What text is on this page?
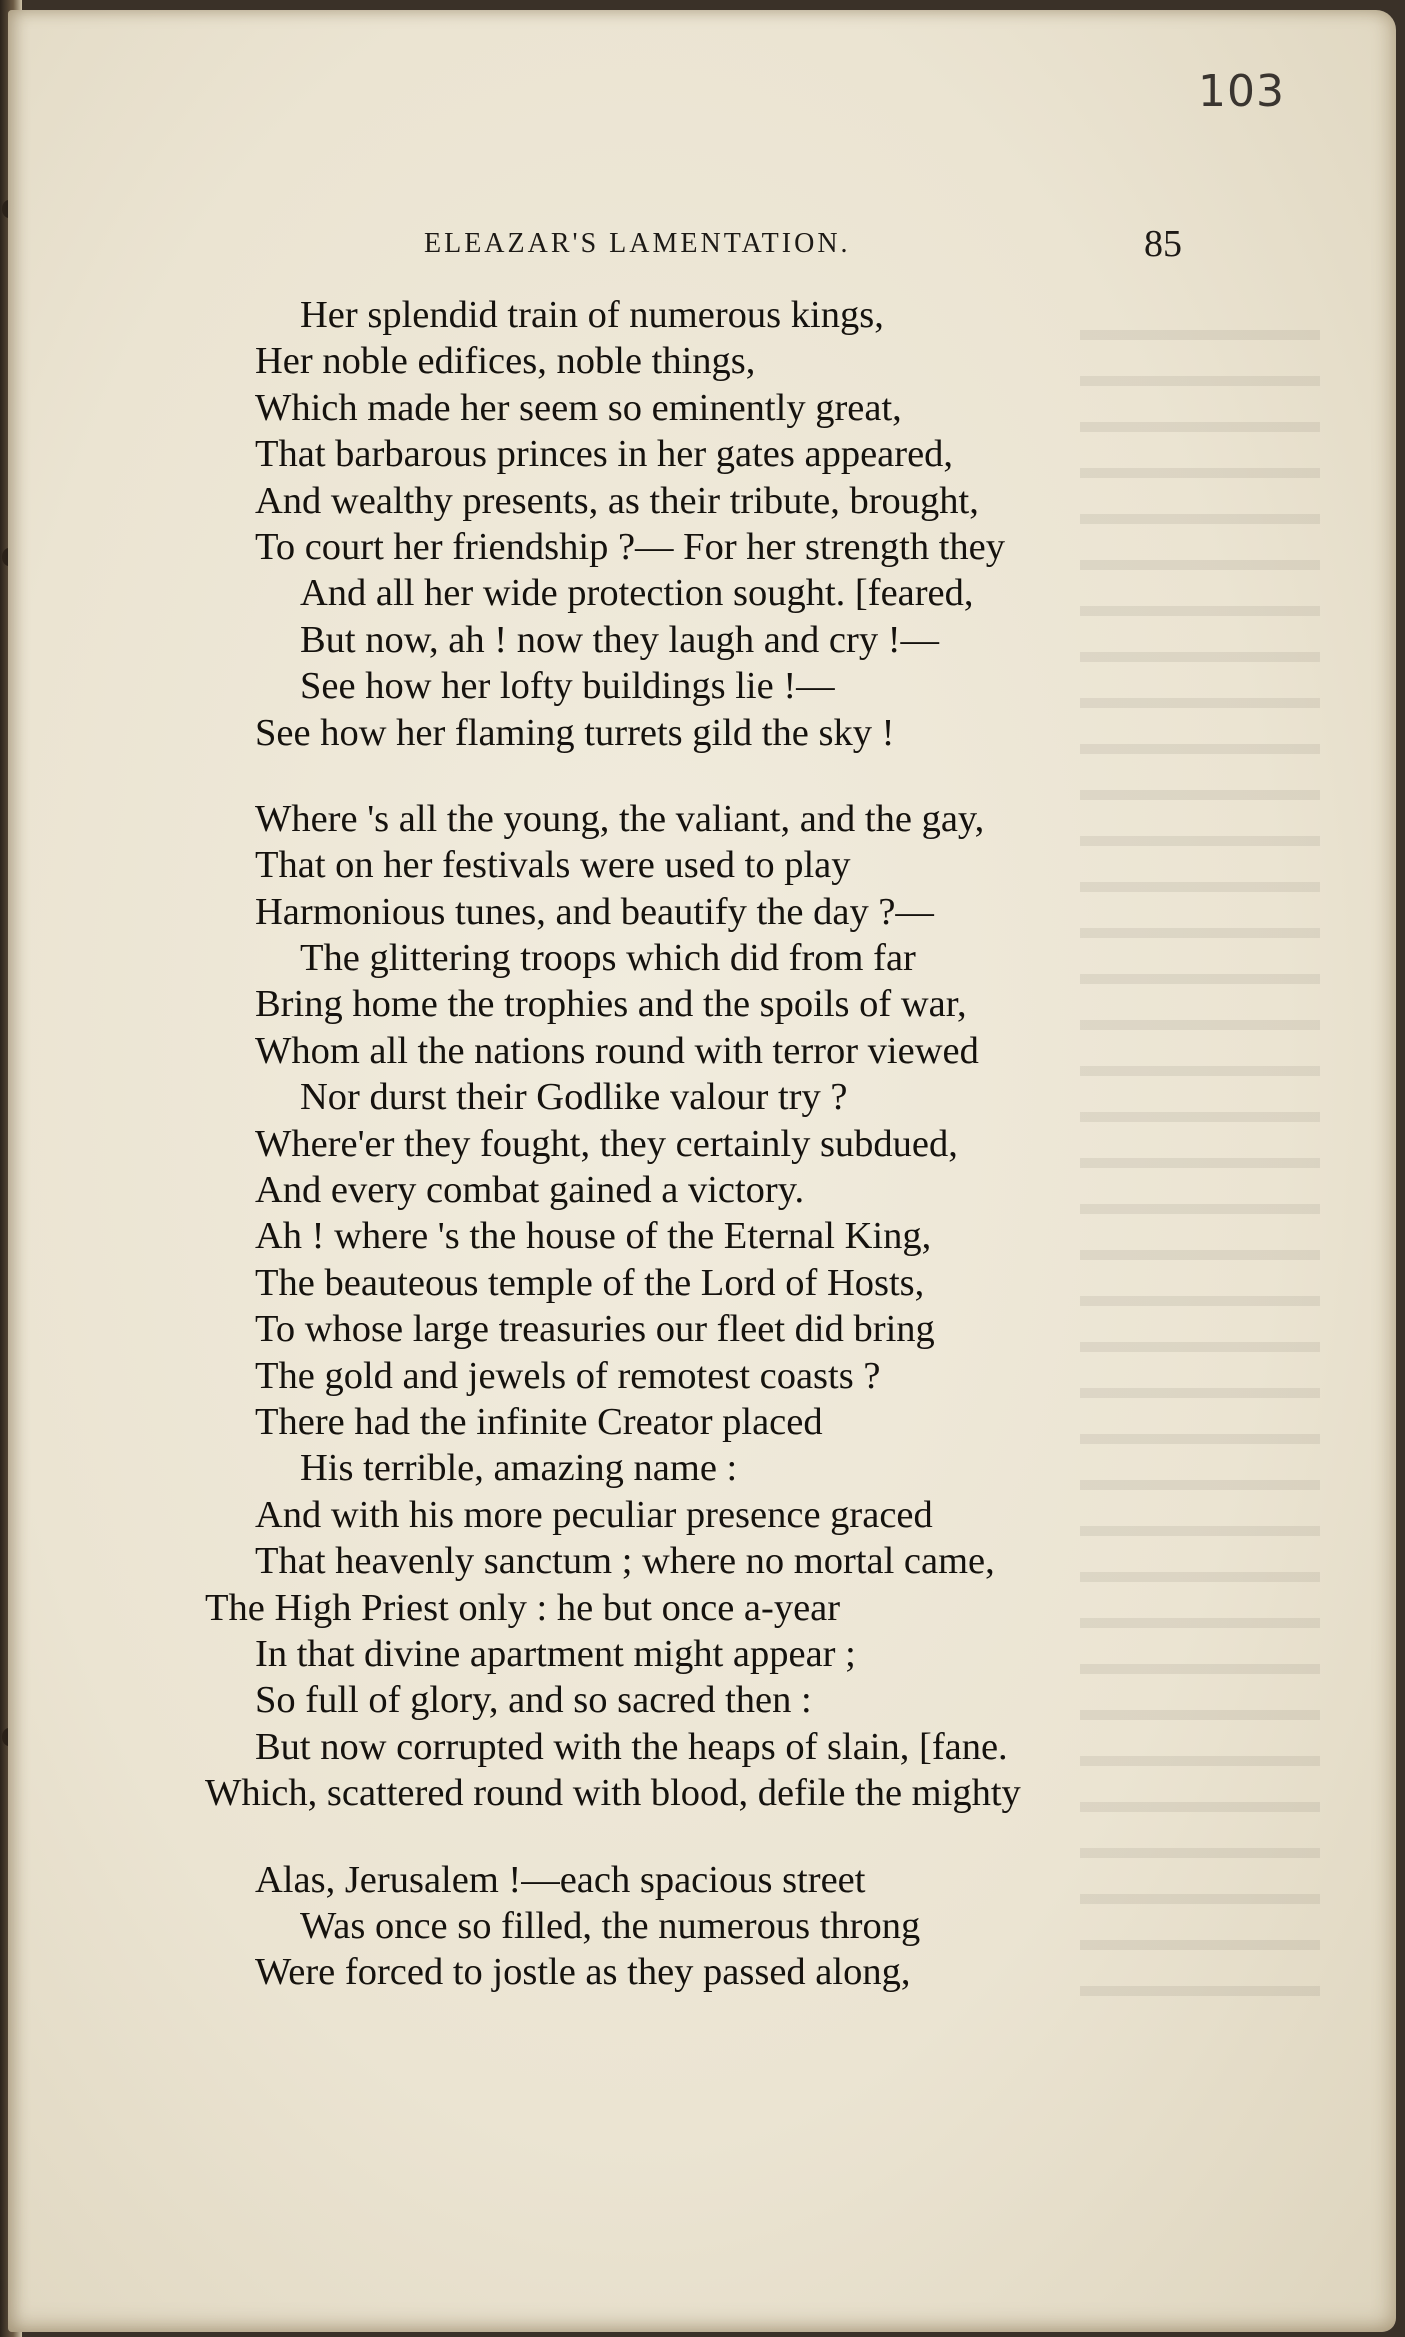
103
ELEAZAR'S LAMENTATION.	85
Her splendid train of numerous kings,
Her noble edifices, noble things,
Which made her seem so eminently great,
That barbarous princes in her gates appeared,
And wealthy presents, as their tribute, brought,
To court her friendship ?— For her strength they
And all her wide protection sought. [feared,
But now, ah ! now they laugh and cry !—
See how her lofty buildings lie !—
See how her flaming turrets gild the sky !
Where 's all the young, the valiant, and the gay,
That on her festivals were used to play
Harmonious tunes, and beautify the day ?—
The glittering troops which did from far
Bring home the trophies and the spoils of war,
Whom all the nations round with terror viewed
Nor durst their Godlike valour try ?
Where'er they fought, they certainly subdued,
And every combat gained a victory.
Ah ! where 's the house of the Eternal King,
The beauteous temple of the Lord of Hosts,
To whose large treasuries our fleet did bring
The gold and jewels of remotest coasts ?
There had the infinite Creator placed
His terrible, amazing name :
And with his more peculiar presence graced
That heavenly sanctum ; where no mortal came,
The High Priest only : he but once a-year
In that divine apartment might appear ;
So full of glory, and so sacred then :
But now corrupted with the heaps of slain, [fane.
Which, scattered round with blood, defile the mighty
Alas, Jerusalem !—each spacious street
Was once so filled, the numerous throng
Were forced to jostle as they passed along,
